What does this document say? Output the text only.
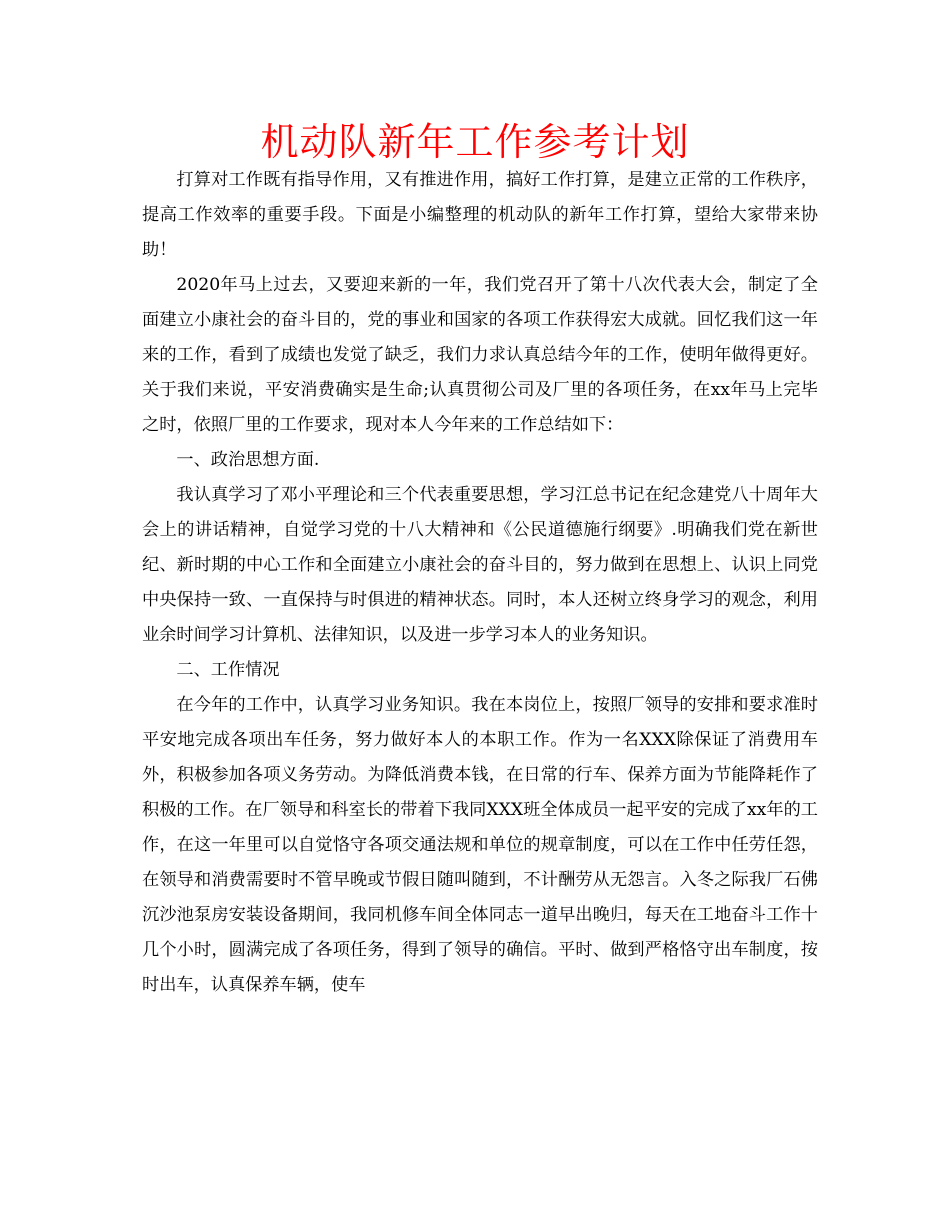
机动队新年工作参考计划

打算对工作既有指导作用，又有推进作用，搞好工作打算，是建立正常的工作秩序，提高工作效率的重要手段。下面是小编整理的机动队的新年工作打算，望给大家带来协助！

2020年马上过去，又要迎来新的一年，我们党召开了第十八次代表大会，制定了全面建立小康社会的奋斗目的，党的事业和国家的各项工作获得宏大成就。回忆我们这一年来的工作，看到了成绩也发觉了缺乏，我们力求认真总结今年的工作，使明年做得更好。关于我们来说，平安消费确实是生命;认真贯彻公司及厂里的各项任务，在xx年马上完毕之时，依照厂里的工作要求，现对本人今年来的工作总结如下：

一、政治思想方面.

我认真学习了邓小平理论和三个代表重要思想，学习江总书记在纪念建党八十周年大会上的讲话精神，自觉学习党的十八大精神和《公民道德施行纲要》.明确我们党在新世纪、新时期的中心工作和全面建立小康社会的奋斗目的，努力做到在思想上、认识上同党中央保持一致、一直保持与时俱进的精神状态。同时，本人还树立终身学习的观念，利用业余时间学习计算机、法律知识，以及进一步学习本人的业务知识。

二、工作情况

在今年的工作中，认真学习业务知识。我在本岗位上，按照厂领导的安排和要求准时平安地完成各项出车任务，努力做好本人的本职工作。作为一名XXX除保证了消费用车外，积极参加各项义务劳动。为降低消费本钱，在日常的行车、保养方面为节能降耗作了积极的工作。在厂领导和科室长的带着下我同XXX班全体成员一起平安的完成了xx年的工作，在这一年里可以自觉恪守各项交通法规和单位的规章制度，可以在工作中任劳任怨，在领导和消费需要时不管早晚或节假日随叫随到，不计酬劳从无怨言。入冬之际我厂石佛沉沙池泵房安装设备期间，我同机修车间全体同志一道早出晚归，每天在工地奋斗工作十几个小时，圆满完成了各项任务，得到了领导的确信。平时、做到严格恪守出车制度，按时出车，认真保养车辆，使车
